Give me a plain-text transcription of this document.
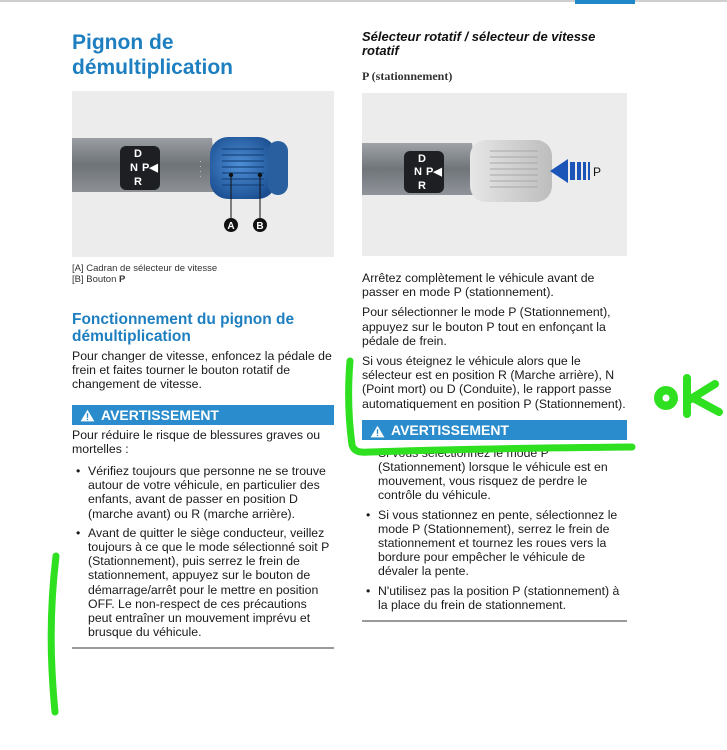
Pignon de démultiplication
A B
D
N P◀
R
· · · ·
[A] Cadran de sélecteur de vitesse
[B] Bouton P
Fonctionnement du pignon de démultiplication

Pour changer de vitesse, enfoncez la pédale de frein et faites tourner le bouton rotatif de changement de vitesse.

AVERTISSEMENT

Pour réduire le risque de blessures graves ou mortelles :

• Vérifiez toujours que personne ne se trouve autour de votre véhicule, en particulier des enfants, avant de passer en position D (marche avant) ou R (marche arrière).
• Avant de quitter le siège conducteur, veillez toujours à ce que le mode sélectionné soit P (Stationnement), puis serrez le frein de stationnement, appuyez sur le bouton de démarrage/arrêt pour le mettre en position OFF. Le non-respect de ces précautions peut entraîner un mouvement imprévu et brusque du véhicule.
Sélecteur rotatif / sélecteur de vitesse rotatif

P (stationnement)

P
D
N P◀
R

Arrêtez complètement le véhicule avant de passer en mode P (stationnement).

Pour sélectionner le mode P (Stationnement), appuyez sur le bouton P tout en enfonçant la pédale de frein.

Si vous éteignez le véhicule alors que le sélecteur est en position R (Marche arrière), N (Point mort) ou D (Conduite), le rapport passe automatiquement en position P (Stationnement).

AVERTISSEMENT
• Si vous sélectionnez le mode P (Stationnement) lorsque le véhicule est en mouvement, vous risquez de perdre le contrôle du véhicule.
• Si vous stationnez en pente, sélectionnez le mode P (Stationnement), serrez le frein de stationnement et tournez les roues vers la bordure pour empêcher le véhicule de dévaler la pente.
• N'utilisez pas la position P (stationnement) à la place du frein de stationnement.
